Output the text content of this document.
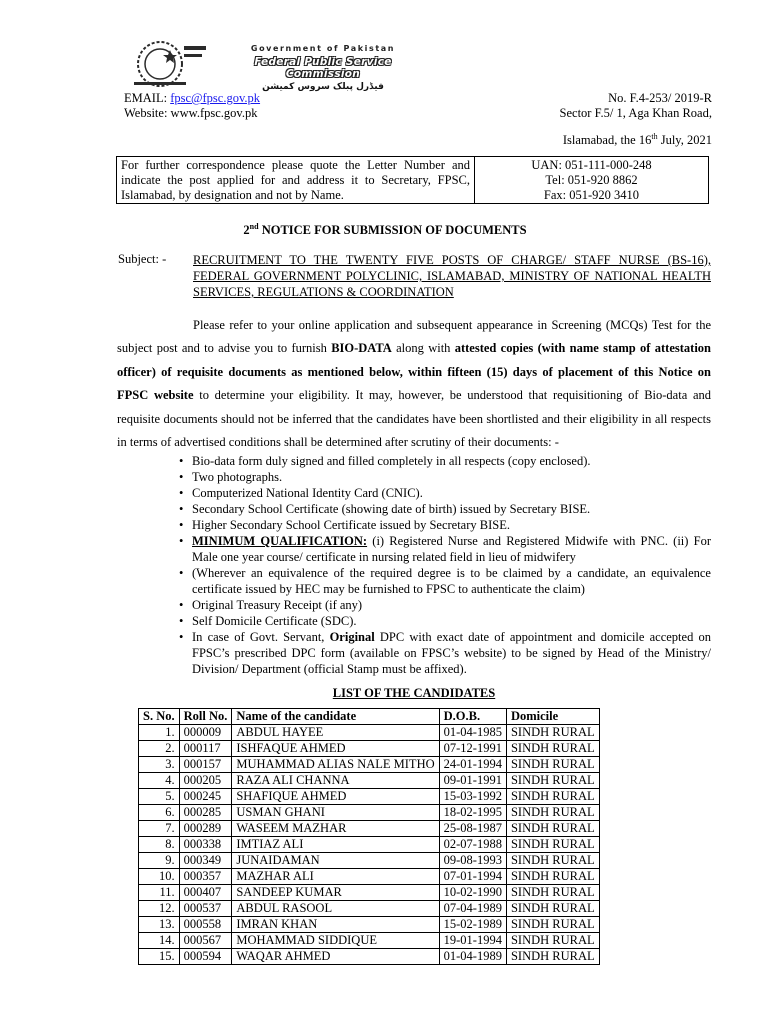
Government of Pakistan
Federal Public Service Commission
فیڈرل پبلک سروس کمیشن
EMAIL: fpsc@fpsc.gov.pk
Website: www.fpsc.gov.pk
No. F.4-253/ 2019-R
Sector F.5/ 1, Aga Khan Road,
Islamabad, the 16th July, 2021
For further correspondence please quote the Letter Number and indicate the post applied for and address it to Secretary, FPSC, Islamabad, by designation and not by Name.
UAN: 051-111-000-248
Tel: 051-920 8862
Fax: 051-920 3410
2nd NOTICE FOR SUBMISSION OF DOCUMENTS
Subject: - RECRUITMENT TO THE TWENTY FIVE POSTS OF CHARGE/ STAFF NURSE (BS-16), FEDERAL GOVERNMENT POLYCLINIC, ISLAMABAD, MINISTRY OF NATIONAL HEALTH SERVICES, REGULATIONS & COORDINATION
Please refer to your online application and subsequent appearance in Screening (MCQs) Test for the subject post and to advise you to furnish BIO-DATA along with attested copies (with name stamp of attestation officer) of requisite documents as mentioned below, within fifteen (15) days of placement of this Notice on FPSC website to determine your eligibility. It may, however, be understood that requisitioning of Bio-data and requisite documents should not be inferred that the candidates have been shortlisted and their eligibility in all respects in terms of advertised conditions shall be determined after scrutiny of their documents: -
• Bio-data form duly signed and filled completely in all respects (copy enclosed).
• Two photographs.
• Computerized National Identity Card (CNIC).
• Secondary School Certificate (showing date of birth) issued by Secretary BISE.
• Higher Secondary School Certificate issued by Secretary BISE.
• MINIMUM QUALIFICATION: (i) Registered Nurse and Registered Midwife with PNC. (ii) For Male one year course/ certificate in nursing related field in lieu of midwifery
• (Wherever an equivalence of the required degree is to be claimed by a candidate, an equivalence certificate issued by HEC may be furnished to FPSC to authenticate the claim)
• Original Treasury Receipt (if any)
• Self Domicile Certificate (SDC).
• In case of Govt. Servant, Original DPC with exact date of appointment and domicile accepted on FPSC’s prescribed DPC form (available on FPSC’s website) to be signed by Head of the Ministry/ Division/ Department (official Stamp must be affixed).
LIST OF THE CANDIDATES
S. No.	Roll No.	Name of the candidate	D.O.B.	Domicile
1.	000009	ABDUL HAYEE	01-04-1985	SINDH RURAL
2.	000117	ISHFAQUE AHMED	07-12-1991	SINDH RURAL
3.	000157	MUHAMMAD ALIAS NALE MITHO	24-01-1994	SINDH RURAL
4.	000205	RAZA ALI CHANNA	09-01-1991	SINDH RURAL
5.	000245	SHAFIQUE AHMED	15-03-1992	SINDH RURAL
6.	000285	USMAN GHANI	18-02-1995	SINDH RURAL
7.	000289	WASEEM MAZHAR	25-08-1987	SINDH RURAL
8.	000338	IMTIAZ ALI	02-07-1988	SINDH RURAL
9.	000349	JUNAIDAMAN	09-08-1993	SINDH RURAL
10.	000357	MAZHAR ALI	07-01-1994	SINDH RURAL
11.	000407	SANDEEP KUMAR	10-02-1990	SINDH RURAL
12.	000537	ABDUL RASOOL	07-04-1989	SINDH RURAL
13.	000558	IMRAN KHAN	15-02-1989	SINDH RURAL
14.	000567	MOHAMMAD SIDDIQUE	19-01-1994	SINDH RURAL
15.	000594	WAQAR AHMED	01-04-1989	SINDH RURAL
